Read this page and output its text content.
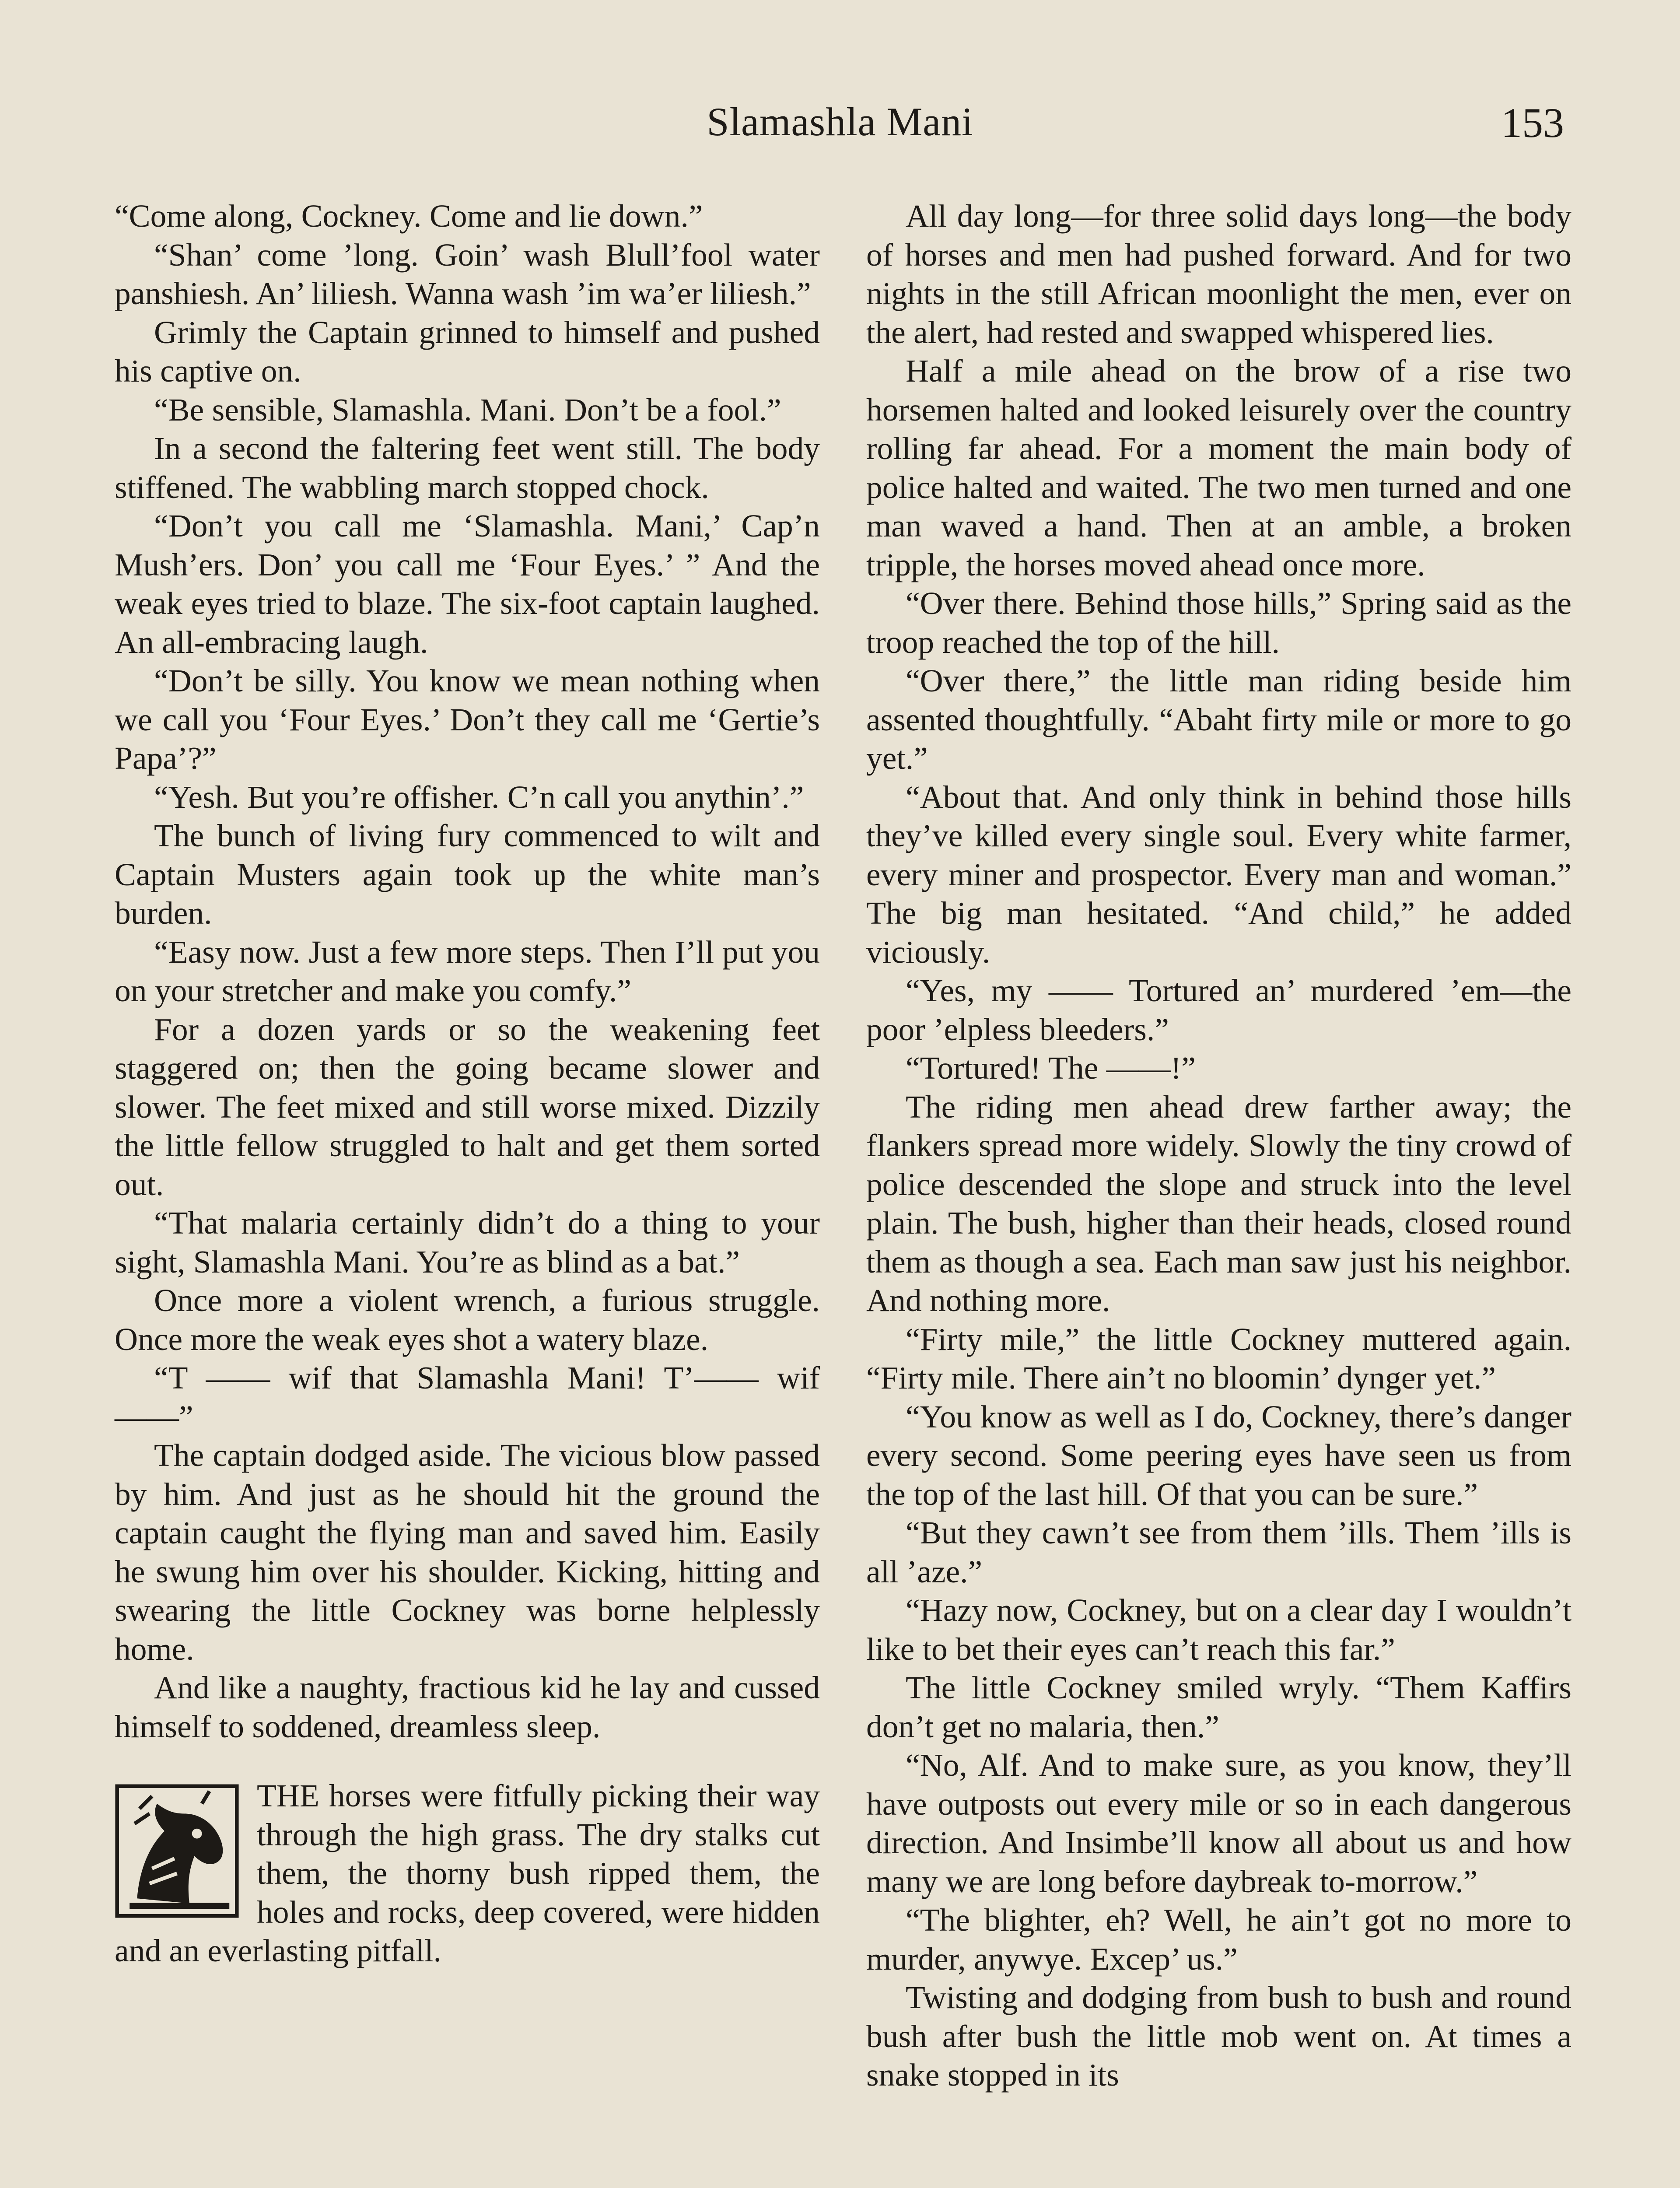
Slamashla Mani	153

“Come along, Cockney. Come and lie down.”

“Shan’ come ’long. Goin’ wash Blull’fool water panshiesh. An’ liliesh. Wanna wash ’im wa’er liliesh.”

Grimly the Captain grinned to himself and pushed his captive on.

“Be sensible, Slamashla. Mani. Don’t be a fool.”

In a second the faltering feet went still. The body stiffened. The wabbling march stopped chock.

“Don’t you call me ‘Slamashla. Mani,’ Cap’n Mush’ers. Don’ you call me ‘Four Eyes.’ ” And the weak eyes tried to blaze. The six-foot captain laughed. An all-embracing laugh.

“Don’t be silly. You know we mean nothing when we call you ‘Four Eyes.’ Don’t they call me ‘Gertie’s Papa’?”

“Yesh. But you’re offisher. C’n call you anythin’.”

The bunch of living fury commenced to wilt and Captain Musters again took up the white man’s burden.

“Easy now. Just a few more steps. Then I’ll put you on your stretcher and make you comfy.”

For a dozen yards or so the weakening feet staggered on; then the going became slower and slower. The feet mixed and still worse mixed. Dizzily the little fellow struggled to halt and get them sorted out.

“That malaria certainly didn’t do a thing to your sight, Slamashla Mani. You’re as blind as a bat.”

Once more a violent wrench, a furious struggle. Once more the weak eyes shot a watery blaze.

“T —— wif that Slamashla Mani! T’—— wif——”

The captain dodged aside. The vicious blow passed by him. And just as he should hit the ground the captain caught the flying man and saved him. Easily he swung him over his shoulder. Kicking, hitting and swearing the little Cockney was borne helplessly home.

And like a naughty, fractious kid he lay and cussed himself to soddened, dreamless sleep.

THE horses were fitfully picking their way through the high grass. The dry stalks cut them, the thorny bush ripped them, the holes and rocks, deep covered, were hidden and an everlasting pitfall.

All day long—for three solid days long—the body of horses and men had pushed forward. And for two nights in the still African moonlight the men, ever on the alert, had rested and swapped whispered lies.

Half a mile ahead on the brow of a rise two horsemen halted and looked leisurely over the country rolling far ahead. For a moment the main body of police halted and waited. The two men turned and one man waved a hand. Then at an amble, a broken tripple, the horses moved ahead once more.

“Over there. Behind those hills,” Spring said as the troop reached the top of the hill.

“Over there,” the little man riding beside him assented thoughtfully. “Abaht firty mile or more to go yet.”

“About that. And only think in behind those hills they’ve killed every single soul. Every white farmer, every miner and prospector. Every man and woman.” The big man hesitated. “And child,” he added viciously.

“Yes, my —— Tortured an’ murdered ’em—the poor ’elpless bleeders.”

“Tortured! The ——!”

The riding men ahead drew farther away; the flankers spread more widely. Slowly the tiny crowd of police descended the slope and struck into the level plain. The bush, higher than their heads, closed round them as though a sea. Each man saw just his neighbor. And nothing more.

“Firty mile,” the little Cockney muttered again. “Firty mile. There ain’t no bloomin’ dynger yet.”

“You know as well as I do, Cockney, there’s danger every second. Some peering eyes have seen us from the top of the last hill. Of that you can be sure.”

“But they cawn’t see from them ’ills. Them ’ills is all ’aze.”

“Hazy now, Cockney, but on a clear day I wouldn’t like to bet their eyes can’t reach this far.”

The little Cockney smiled wryly. “Them Kaffirs don’t get no malaria, then.”

“No, Alf. And to make sure, as you know, they’ll have outposts out every mile or so in each dangerous direction. And Insimbe’ll know all about us and how many we are long before daybreak to-morrow.”

“The blighter, eh? Well, he ain’t got no more to murder, anywye. Excep’ us.”

Twisting and dodging from bush to bush and round bush after bush the little mob went on. At times a snake stopped in its
